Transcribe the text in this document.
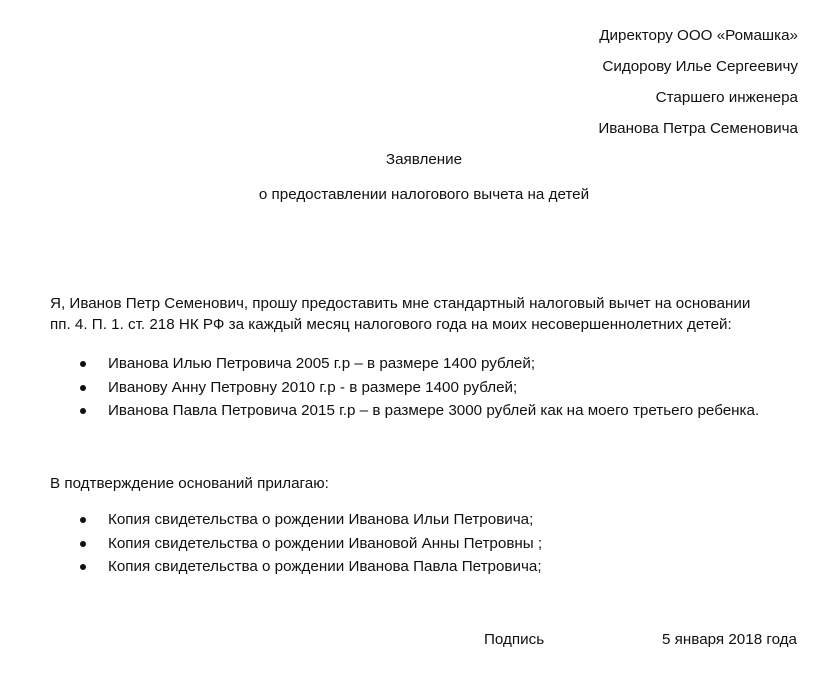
Директору ООО «Ромашка»
Сидорову Илье Сергеевичу
Старшего инженера
Иванова Петра Семеновича
Заявление
о предоставлении налогового вычета на детей
Я, Иванов Петр Семенович, прошу предоставить мне стандартный налоговый вычет на основании
пп. 4. П. 1. ст. 218 НК РФ за каждый месяц налогового года на моих несовершеннолетних детей:
Иванова Илью Петровича 2005 г.р – в размере 1400 рублей;
Иванову Анну Петровну 2010 г.р - в размере 1400 рублей;
Иванова Павла Петровича 2015 г.р – в размере 3000 рублей как на моего третьего ребенка.
В подтверждение оснований прилагаю:
Копия свидетельства о рождении Иванова Ильи Петровича;
Копия свидетельства о рождении Ивановой Анны Петровны ;
Копия свидетельства о рождении Иванова Павла Петровича;
Подпись	5 января 2018 года
